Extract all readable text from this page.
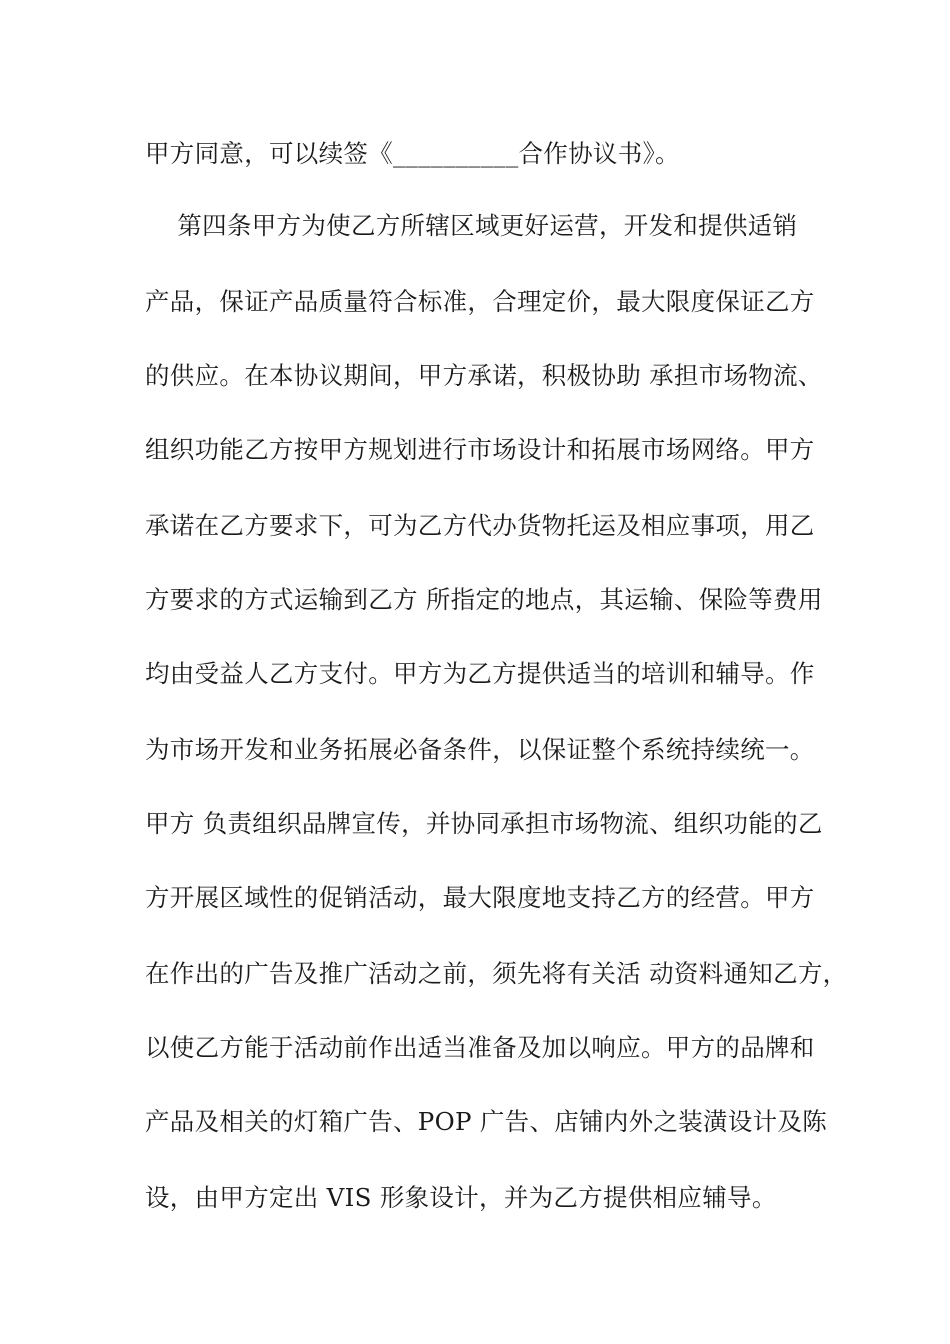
甲方同意，可以续签《__________合作协议书》。
第四条甲方为使乙方所辖区域更好运营，开发和提供适销
产品，保证产品质量符合标准，合理定价，最大限度保证乙方
的供应。在本协议期间，甲方承诺，积极协助 承担市场物流、
组织功能乙方按甲方规划进行市场设计和拓展市场网络。甲方
承诺在乙方要求下，可为乙方代办货物托运及相应事项，用乙
方要求的方式运输到乙方 所指定的地点，其运输、保险等费用
均由受益人乙方支付。甲方为乙方提供适当的培训和辅导。作
为市场开发和业务拓展必备条件，以保证整个系统持续统一。
甲方 负责组织品牌宣传，并协同承担市场物流、组织功能的乙
方开展区域性的促销活动，最大限度地支持乙方的经营。甲方
在作出的广告及推广活动之前，须先将有关活 动资料通知乙方，
以使乙方能于活动前作出适当准备及加以响应。甲方的品牌和
产品及相关的灯箱广告、POP 广告、店铺内外之装潢设计及陈
设，由甲方定出 VIS 形象设计，并为乙方提供相应辅导。
